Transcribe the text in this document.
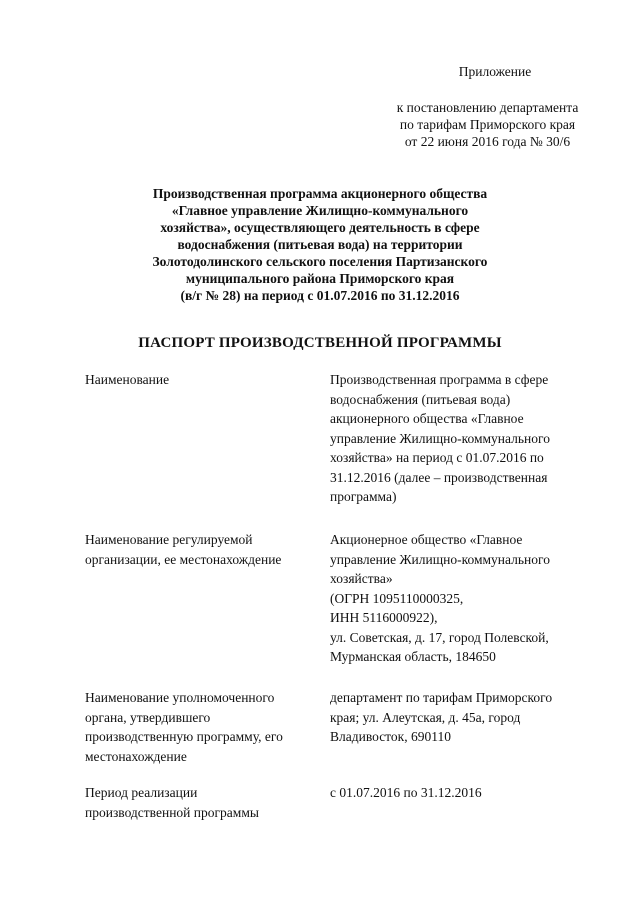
Приложение
к постановлению департамента
по тарифам Приморского края
от 22 июня 2016 года № 30/6
Производственная программа акционерного общества
«Главное управление Жилищно-коммунального
хозяйства», осуществляющего деятельность в сфере
водоснабжения (питьевая вода) на территории
Золотодолинского сельского поселения Партизанского
муниципального района Приморского края
(в/г № 28) на период с 01.07.2016 по 31.12.2016
ПАСПОРТ ПРОИЗВОДСТВЕННОЙ ПРОГРАММЫ
Наименование	Производственная программа в сфере
водоснабжения (питьевая вода)
акционерного общества «Главное
управление Жилищно-коммунального
хозяйства» на период с 01.07.2016 по
31.12.2016 (далее – производственная
программа)
Наименование регулируемой
организации, ее местонахождение
Акционерное общество «Главное
управление Жилищно-коммунального
хозяйства»
(ОГРН 1095110000325,
ИНН 5116000922),
ул. Советская, д. 17, город Полевской,
Мурманская область, 184650
Наименование уполномоченного
органа, утвердившего
производственную программу, его
местонахождение
департамент по тарифам Приморского
края; ул. Алеутская, д. 45а, город
Владивосток, 690110
Период реализации
производственной программы
с 01.07.2016 по 31.12.2016
